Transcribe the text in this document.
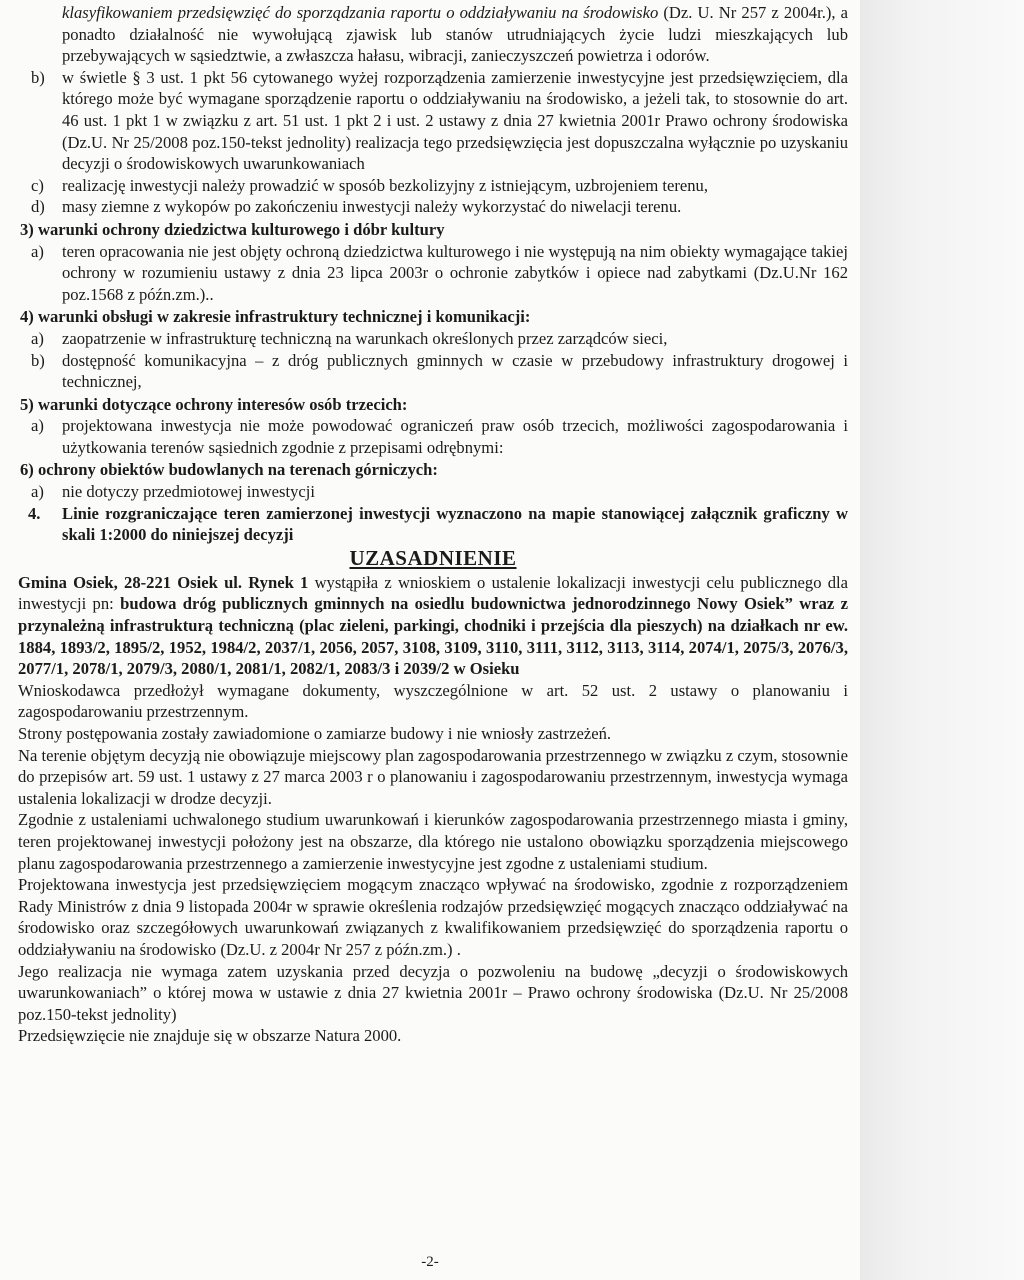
klasyfikowaniem przedsięwzięć do sporządzania raportu o oddziaływaniu na środowisko (Dz. U. Nr 257 z 2004r.), a ponadto działalność nie wywołującą zjawisk lub stanów utrudniających życie ludzi mieszkających lub przebywających w sąsiedztwie, a zwłaszcza hałasu, wibracji, zanieczyszczeń powietrza i odorów.

b) w świetle § 3 ust. 1 pkt 56 cytowanego wyżej rozporządzenia zamierzenie inwestycyjne jest przedsięwzięciem, dla którego może być wymagane sporządzenie raportu o oddziaływaniu na środowisko, a jeżeli tak, to stosownie do art. 46 ust. 1 pkt 1 w związku z art. 51 ust. 1 pkt 2 i ust. 2 ustawy z dnia 27 kwietnia 2001r Prawo ochrony środowiska (Dz.U. Nr 25/2008 poz.150-tekst jednolity) realizacja tego przedsięwzięcia jest dopuszczalna wyłącznie po uzyskaniu decyzji o środowiskowych uwarunkowaniach

c) realizację inwestycji należy prowadzić w sposób bezkolizyjny z istniejącym, uzbrojeniem terenu,

d) masy ziemne z wykopów po zakończeniu inwestycji należy wykorzystać do niwelacji terenu.

3) warunki ochrony dziedzictwa kulturowego i dóbr kultury

a) teren opracowania nie jest objęty ochroną dziedzictwa kulturowego i nie występują na nim obiekty wymagające takiej ochrony w rozumieniu ustawy z dnia 23 lipca 2003r o ochronie zabytków i opiece nad zabytkami (Dz.U.Nr 162 poz.1568 z późn.zm.)..

4) warunki obsługi w zakresie infrastruktury technicznej i komunikacji:

a) zaopatrzenie w infrastrukturę techniczną na warunkach określonych przez zarządców sieci,

b) dostępność komunikacyjna – z dróg publicznych gminnych w czasie w przebudowy infrastruktury drogowej i technicznej,

5) warunki dotyczące ochrony interesów osób trzecich:

a) projektowana inwestycja nie może powodować ograniczeń praw osób trzecich, możliwości zagospodarowania i użytkowania terenów sąsiednich zgodnie z przepisami odrębnymi:

6) ochrony obiektów budowlanych na terenach górniczych:

a) nie dotyczy przedmiotowej inwestycji

4. Linie rozgraniczające teren zamierzonej inwestycji wyznaczono na mapie stanowiącej załącznik graficzny w skali 1:2000 do niniejszej decyzji

UZASADNIENIE

Gmina Osiek, 28-221 Osiek ul. Rynek 1 wystąpiła z wnioskiem o ustalenie lokalizacji inwestycji celu publicznego dla inwestycji pn: budowa dróg publicznych gminnych na osiedlu budownictwa jednorodzinnego Nowy Osiek” wraz z przynależną infrastrukturą techniczną (plac zieleni, parkingi, chodniki i przejścia dla pieszych) na działkach nr ew. 1884, 1893/2, 1895/2, 1952, 1984/2, 2037/1, 2056, 2057, 3108, 3109, 3110, 3111, 3112, 3113, 3114, 2074/1, 2075/3, 2076/3, 2077/1, 2078/1, 2079/3, 2080/1, 2081/1, 2082/1, 2083/3 i 2039/2 w Osieku

Wnioskodawca przedłożył wymagane dokumenty, wyszczególnione w art. 52 ust. 2 ustawy o planowaniu i zagospodarowaniu przestrzennym.

Strony postępowania zostały zawiadomione o zamiarze budowy i nie wniosły zastrzeżeń.

Na terenie objętym decyzją nie obowiązuje miejscowy plan zagospodarowania przestrzennego w związku z czym, stosownie do przepisów art. 59 ust. 1 ustawy z 27 marca 2003 r o planowaniu i zagospodarowaniu przestrzennym, inwestycja wymaga ustalenia lokalizacji w drodze decyzji.

Zgodnie z ustaleniami uchwalonego studium uwarunkowań i kierunków zagospodarowania przestrzennego miasta i gminy, teren projektowanej inwestycji położony jest na obszarze, dla którego nie ustalono obowiązku sporządzenia miejscowego planu zagospodarowania przestrzennego a zamierzenie inwestycyjne jest zgodne z ustaleniami studium.

Projektowana inwestycja jest przedsięwzięciem mogącym znacząco wpływać na środowisko, zgodnie z rozporządzeniem Rady Ministrów z dnia 9 listopada 2004r w sprawie określenia rodzajów przedsięwzięć mogących znacząco oddziaływać na środowisko oraz szczegółowych uwarunkowań związanych z kwalifikowaniem przedsięwzięć do sporządzenia raportu o oddziaływaniu na środowisko (Dz.U. z 2004r Nr 257 z późn.zm.) .

Jego realizacja nie wymaga zatem uzyskania przed decyzja o pozwoleniu na budowę „decyzji o środowiskowych uwarunkowaniach” o której mowa w ustawie z dnia 27 kwietnia 2001r – Prawo ochrony środowiska (Dz.U. Nr 25/2008 poz.150-tekst jednolity)

Przedsięwzięcie nie znajduje się w obszarze Natura 2000.

-2-
